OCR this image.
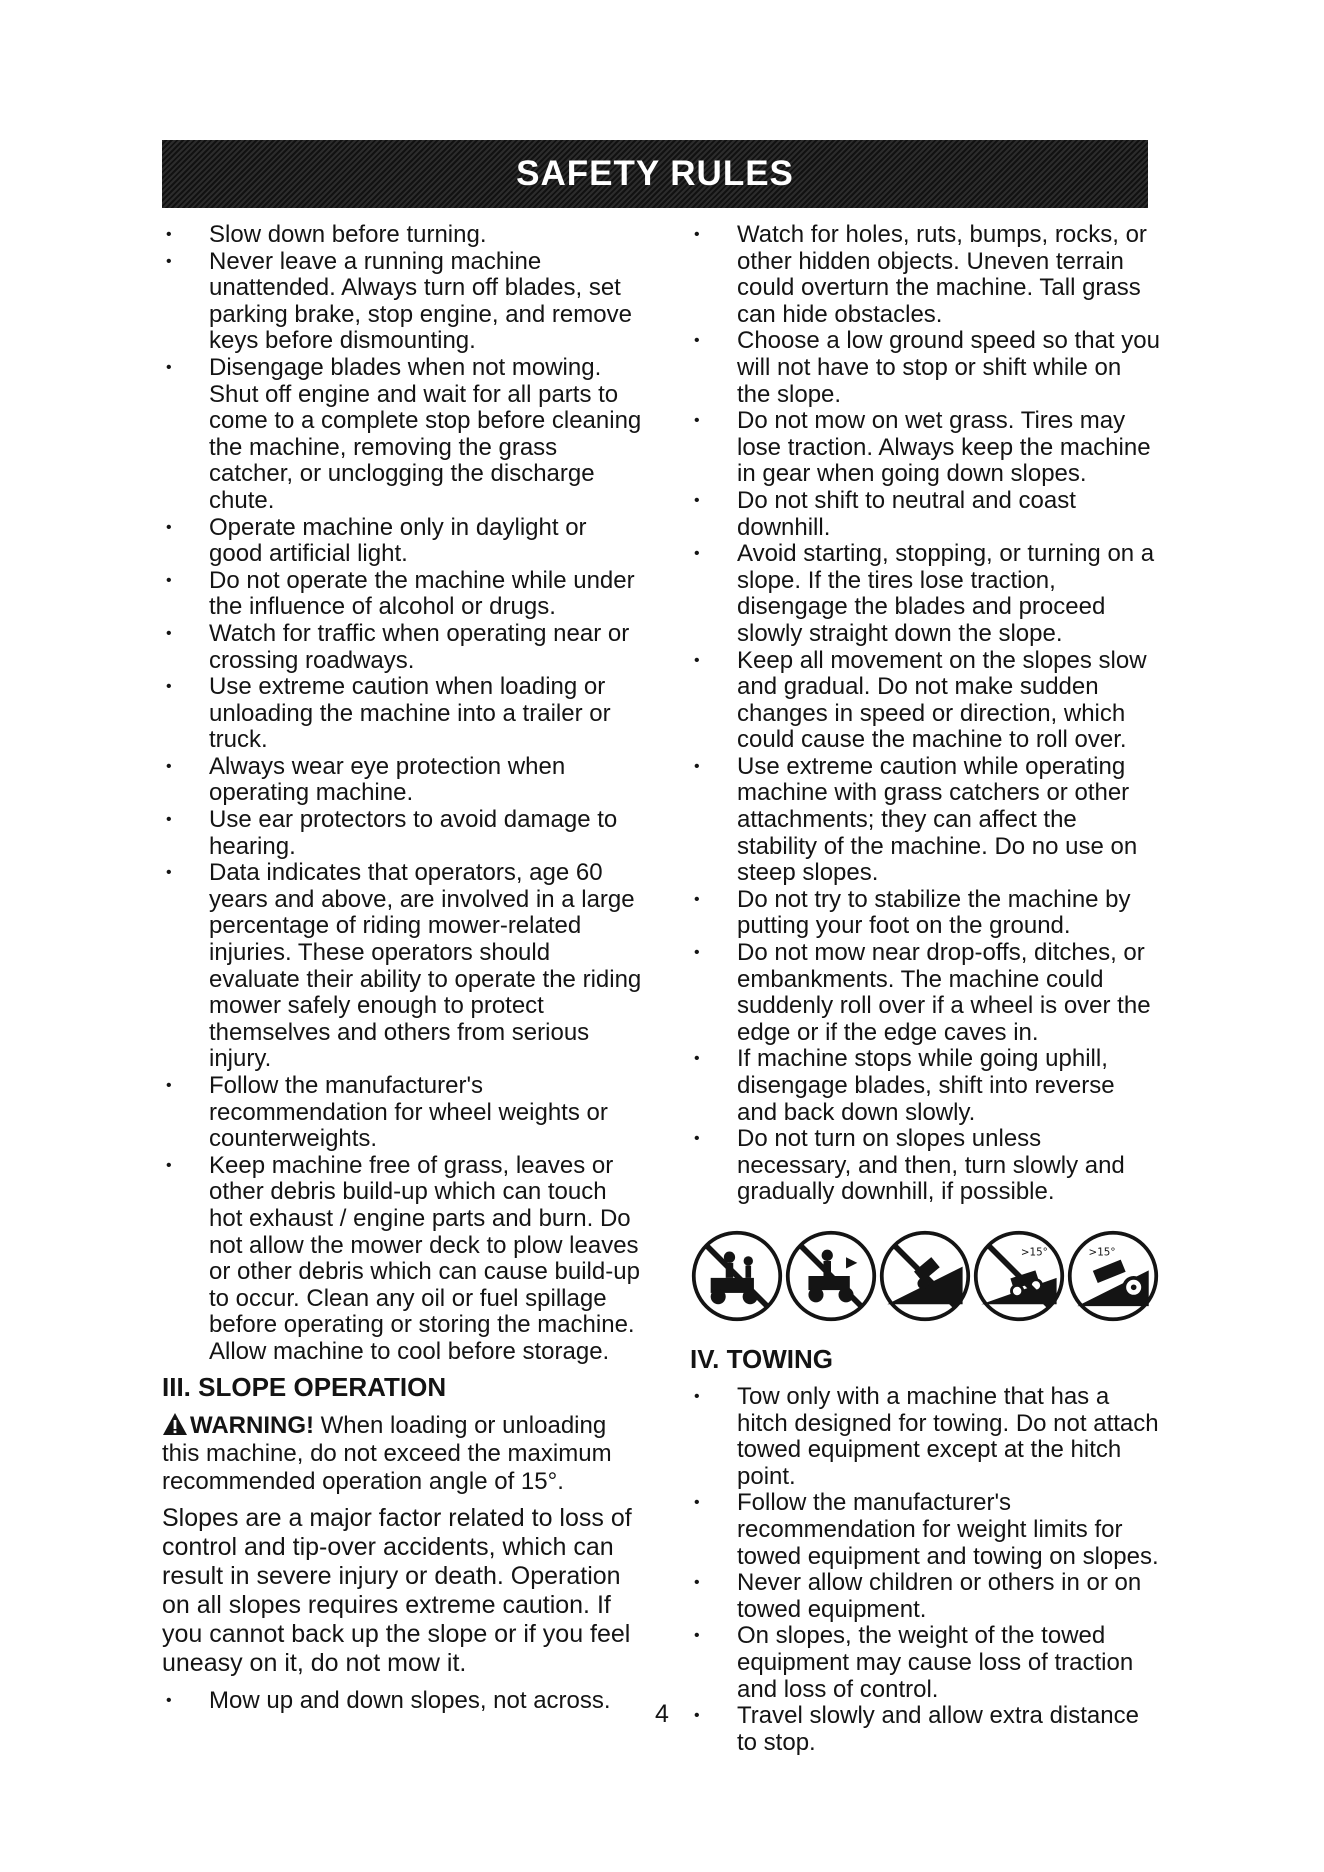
SAFETY RULES
• Slow down before turning.
• Never leave a running machine unattended. Always turn off blades, set parking brake, stop engine, and remove keys before dismounting.
• Disengage blades when not mowing. Shut off engine and wait for all parts to come to a complete stop before cleaning the machine, removing the grass catcher, or unclogging the discharge chute.
• Operate machine only in daylight or good artificial light.
• Do not operate the machine while under the influence of alcohol or drugs.
• Watch for traffic when operating near or crossing roadways.
• Use extreme caution when loading or unloading the machine into a trailer or truck.
• Always wear eye protection when operating machine.
• Use ear protectors to avoid damage to hearing.
• Data indicates that operators, age 60 years and above, are involved in a large percentage of riding mower-related injuries. These operators should evaluate their ability to operate the riding mower safely enough to protect themselves and others from serious injury.
• Follow the manufacturer's recommendation for wheel weights or counterweights.
• Keep machine free of grass, leaves or other debris build-up which can touch hot exhaust / engine parts and burn. Do not allow the mower deck to plow leaves or other debris which can cause build-up to occur. Clean any oil or fuel spillage before operating or storing the machine. Allow machine to cool before storage.
III. SLOPE OPERATION

WARNING! When loading or unloading this machine, do not exceed the maximum recommended operation angle of 15°.

Slopes are a major factor related to loss of control and tip-over accidents, which can result in severe injury or death. Operation on all slopes requires extreme caution. If you cannot back up the slope or if you feel uneasy on it, do not mow it.

• Mow up and down slopes, not across.
• Watch for holes, ruts, bumps, rocks, or other hidden objects. Uneven terrain could overturn the machine. Tall grass can hide obstacles.
• Choose a low ground speed so that you will not have to stop or shift while on the slope.
• Do not mow on wet grass. Tires may lose traction. Always keep the machine in gear when going down slopes.
• Do not shift to neutral and coast downhill.
• Avoid starting, stopping, or turning on a slope. If the tires lose traction, disengage the blades and proceed slowly straight down the slope.
• Keep all movement on the slopes slow and gradual. Do not make sudden changes in speed or direction, which could cause the machine to roll over.
• Use extreme caution while operating machine with grass catchers or other attachments; they can affect the stability of the machine. Do no use on steep slopes.
• Do not try to stabilize the machine by putting your foot on the ground.
• Do not mow near drop-offs, ditches, or embankments. The machine could suddenly roll over if a wheel is over the edge or if the edge caves in.
• If machine stops while going uphill, disengage blades, shift into reverse and back down slowly.
• Do not turn on slopes unless necessary, and then, turn slowly and gradually downhill, if possible.
>15°	>15°
IV. TOWING
• Tow only with a machine that has a hitch designed for towing. Do not attach towed equipment except at the hitch point.
• Follow the manufacturer's recommendation for weight limits for towed equipment and towing on slopes.
• Never allow children or others in or on towed equipment.
• On slopes, the weight of the towed equipment may cause loss of traction and loss of control.
• Travel slowly and allow extra distance to stop.
4
